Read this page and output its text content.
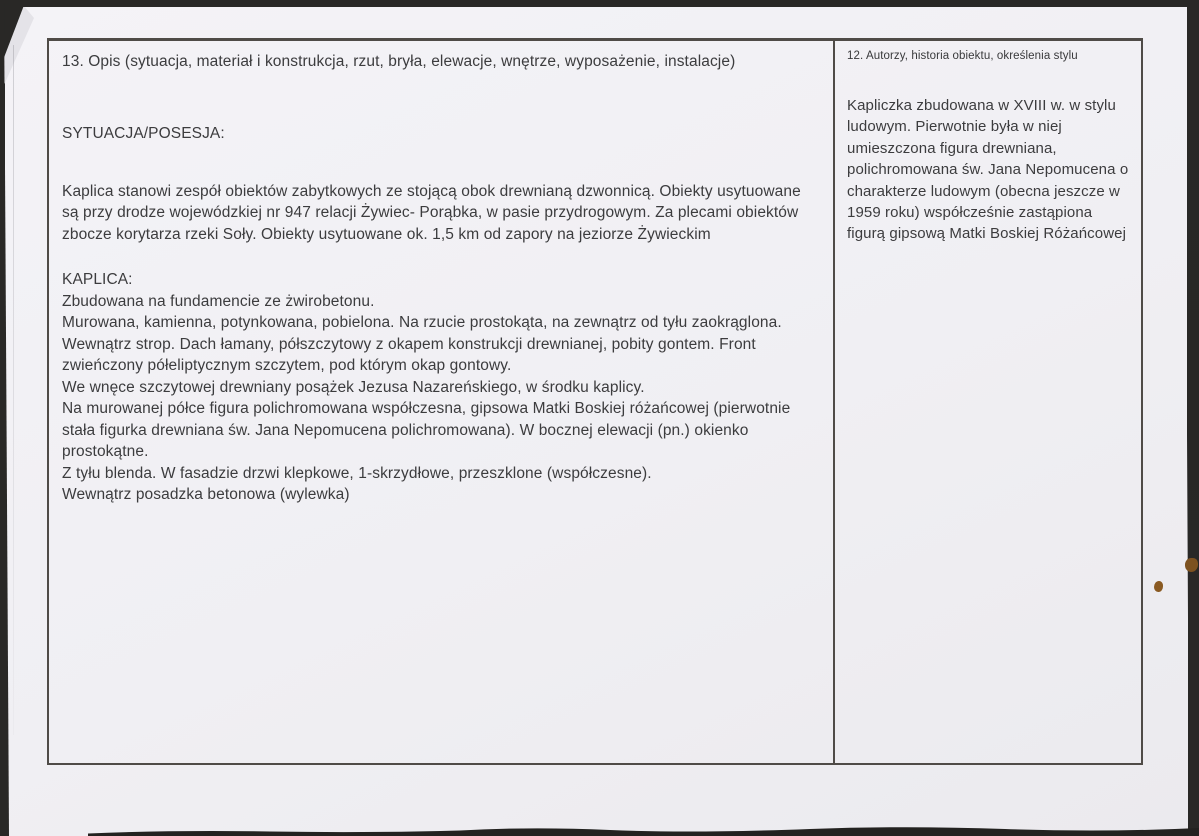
13. Opis (sytuacja, materiał i konstrukcja, rzut, bryła, elewacje, wnętrze, wyposażenie, instalacje)
SYTUACJA/POSESJA:
Kaplica stanowi zespół obiektów zabytkowych ze stojącą obok drewnianą dzwonnicą. Obiekty usytuowane są przy drodze wojewódzkiej nr 947 relacji Żywiec- Porąbka, w pasie przydrogowym. Za plecami obiektów zbocze korytarza rzeki Soły. Obiekty usytuowane ok. 1,5 km od zapory na jeziorze Żywieckim
KAPLICA:
Zbudowana na fundamencie ze żwirobetonu.
Murowana, kamienna, potynkowana, pobielona. Na rzucie prostokąta, na zewnątrz od tyłu zaokrąglona.
Wewnątrz strop. Dach łamany, półszczytowy z okapem konstrukcji drewnianej, pobity gontem. Front zwieńczony półeliptycznym szczytem, pod którym okap gontowy.
We wnęce szczytowej drewniany posążek Jezusa Nazareńskiego, w środku kaplicy.
Na murowanej półce figura polichromowana współczesna, gipsowa Matki Boskiej różańcowej (pierwotnie stała figurka drewniana św. Jana Nepomucena polichromowana). W bocznej elewacji (pn.) okienko prostokątne.
Z tyłu blenda. W fasadzie drzwi klepkowe, 1-skrzydłowe, przeszklone (współczesne).
Wewnątrz posadzka betonowa (wylewka)
12. Autorzy, historia obiektu, określenia stylu
Kapliczka zbudowana w XVIII w. w stylu ludowym. Pierwotnie była w niej umieszczona figura drewniana, polichromowana św. Jana Nepomucena o charakterze ludowym (obecna jeszcze w 1959 roku) współcześnie zastąpiona figurą gipsową Matki Boskiej Różańcowej
